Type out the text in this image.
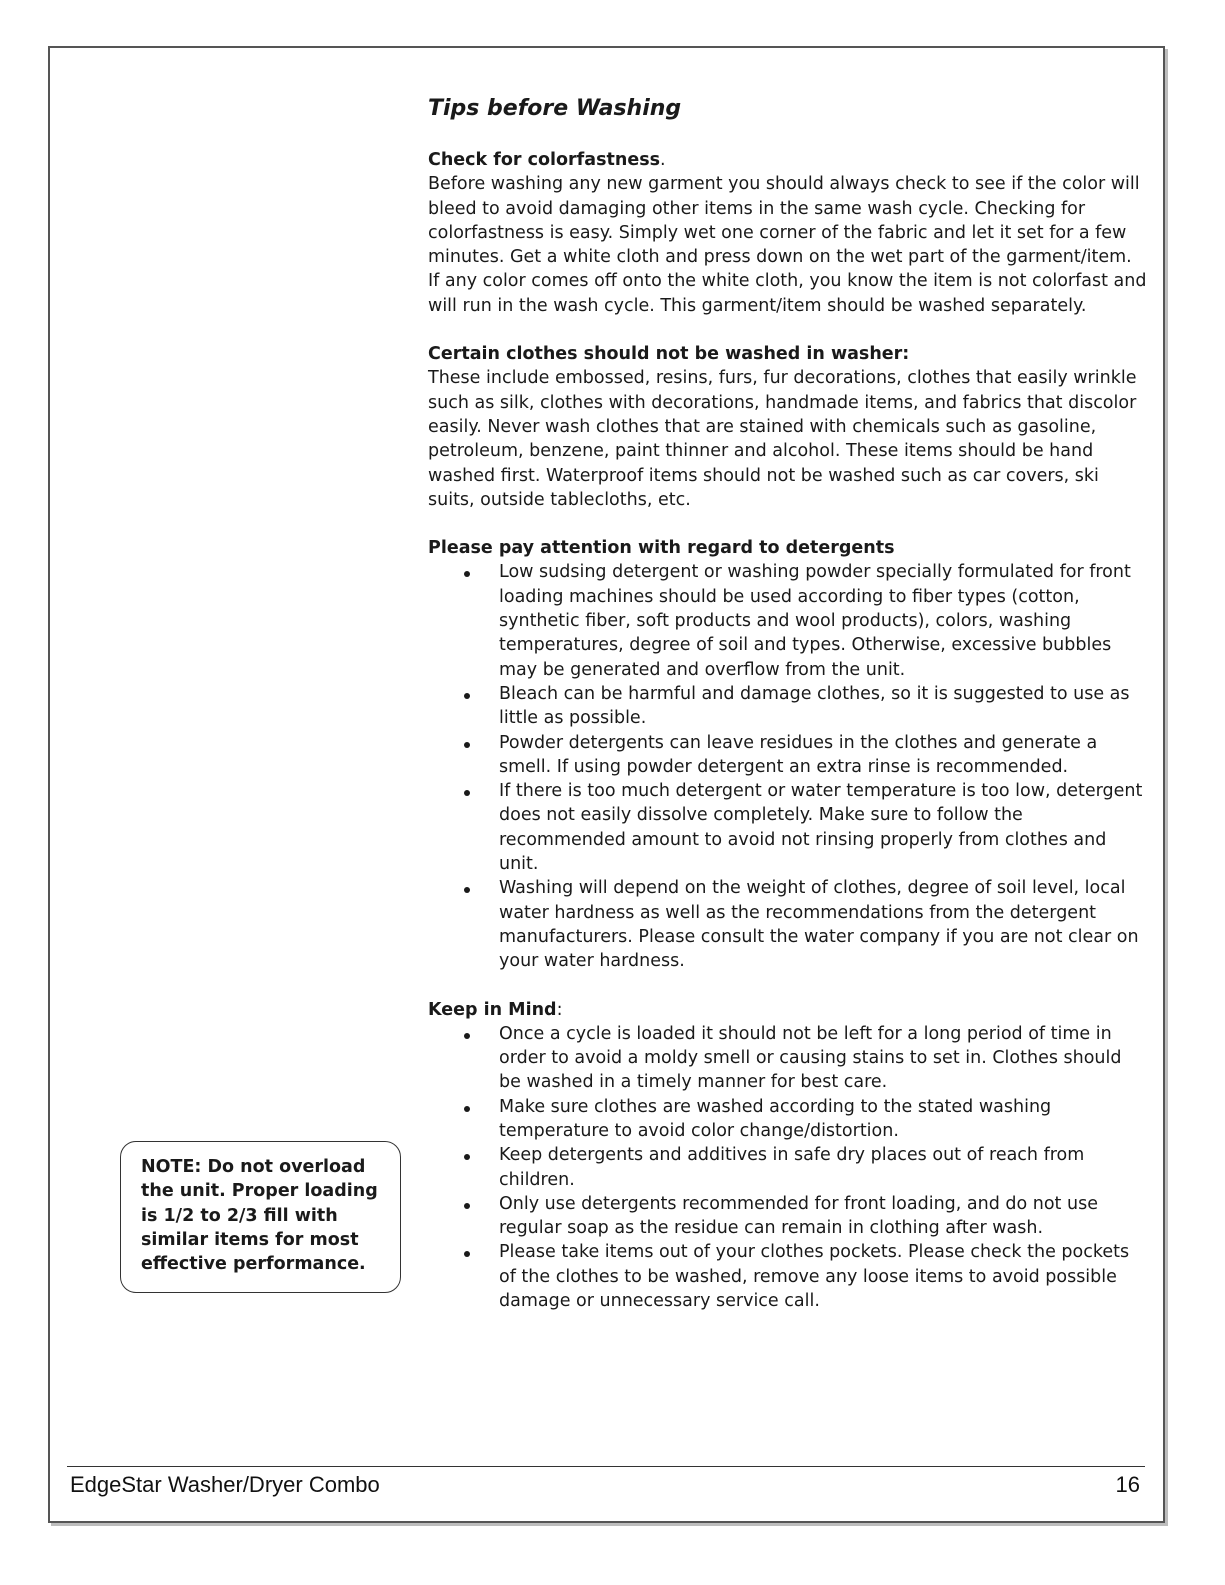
Tips before Washing

Check for colorfastness.

Before washing any new garment you should always check to see if the color will bleed to avoid damaging other items in the same wash cycle. Checking for colorfastness is easy. Simply wet one corner of the fabric and let it set for a few minutes. Get a white cloth and press down on the wet part of the garment/item. If any color comes off onto the white cloth, you know the item is not colorfast and will run in the wash cycle. This garment/item should be washed separately.

Certain clothes should not be washed in washer:

These include embossed, resins, furs, fur decorations, clothes that easily wrinkle such as silk, clothes with decorations, handmade items, and fabrics that discolor easily. Never wash clothes that are stained with chemicals such as gasoline, petroleum, benzene, paint thinner and alcohol. These items should be hand washed first. Waterproof items should not be washed such as car covers, ski suits, outside tablecloths, etc.

Please pay attention with regard to detergents

Low sudsing detergent or washing powder specially formulated for front loading machines should be used according to fiber types (cotton, synthetic fiber, soft products and wool products), colors, washing temperatures, degree of soil and types. Otherwise, excessive bubbles may be generated and overflow from the unit.
Bleach can be harmful and damage clothes, so it is suggested to use as little as possible.
Powder detergents can leave residues in the clothes and generate a smell. If using powder detergent an extra rinse is recommended.
If there is too much detergent or water temperature is too low, detergent does not easily dissolve completely. Make sure to follow the recommended amount to avoid not rinsing properly from clothes and unit.
Washing will depend on the weight of clothes, degree of soil level, local water hardness as well as the recommendations from the detergent manufacturers. Please consult the water company if you are not clear on your water hardness.

Keep in Mind:

Once a cycle is loaded it should not be left for a long period of time in order to avoid a moldy smell or causing stains to set in. Clothes should be washed in a timely manner for best care.
Make sure clothes are washed according to the stated washing temperature to avoid color change/distortion.
Keep detergents and additives in safe dry places out of reach from children.
Only use detergents recommended for front loading, and do not use regular soap as the residue can remain in clothing after wash.
Please take items out of your clothes pockets. Please check the pockets of the clothes to be washed, remove any loose items to avoid possible damage or unnecessary service call.
NOTE: Do not overload the unit. Proper loading is 1/2 to 2/3 fill with similar items for most effective performance.
EdgeStar Washer/Dryer Combo	16
